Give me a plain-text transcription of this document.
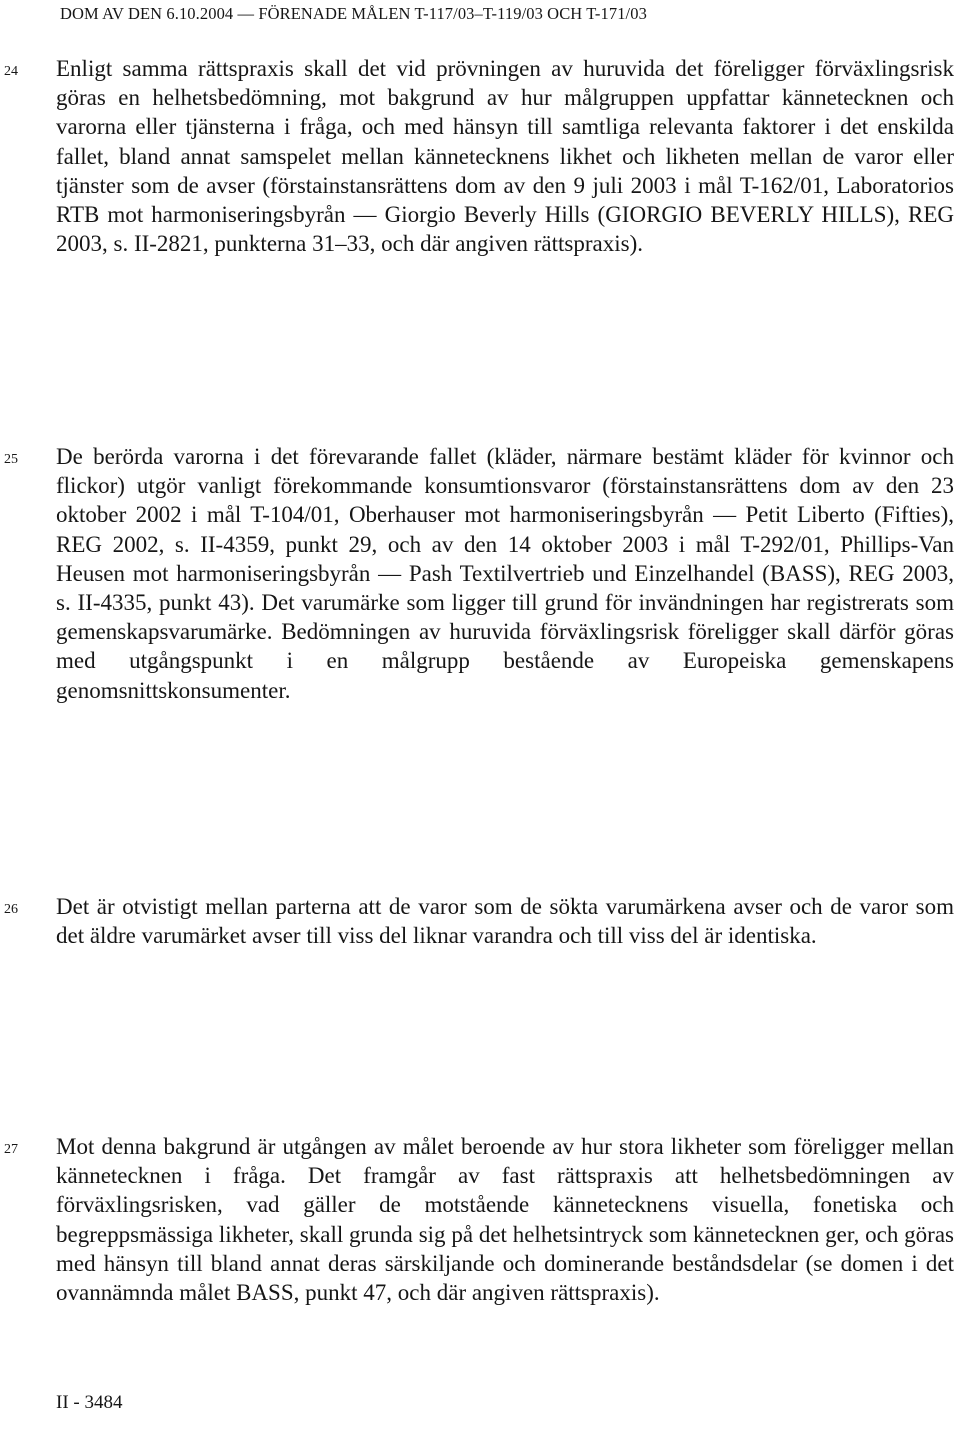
DOM AV DEN 6.10.2004 — FÖRENADE MÅLEN T-117/03–T-119/03 OCH T-171/03
24 Enligt samma rättspraxis skall det vid prövningen av huruvida det föreligger förväxlingsrisk göras en helhetsbedömning, mot bakgrund av hur målgruppen uppfattar kännetecknen och varorna eller tjänsterna i fråga, och med hänsyn till samtliga relevanta faktorer i det enskilda fallet, bland annat samspelet mellan kännetecknens likhet och likheten mellan de varor eller tjänster som de avser (förstainstansrättens dom av den 9 juli 2003 i mål T-162/01, Laboratorios RTB mot harmoniseringsbyrån — Giorgio Beverly Hills (GIORGIO BEVERLY HILLS), REG 2003, s. II-2821, punkterna 31–33, och där angiven rättspraxis).
25 De berörda varorna i det förevarande fallet (kläder, närmare bestämt kläder för kvinnor och flickor) utgör vanligt förekommande konsumtionsvaror (förstainstansrättens dom av den 23 oktober 2002 i mål T-104/01, Oberhauser mot harmoniseringsbyrån — Petit Liberto (Fifties), REG 2002, s. II-4359, punkt 29, och av den 14 oktober 2003 i mål T-292/01, Phillips-Van Heusen mot harmoniseringsbyrån — Pash Textilvertrieb und Einzelhandel (BASS), REG 2003, s. II-4335, punkt 43). Det varumärke som ligger till grund för invändningen har registrerats som gemenskapsvarumärke. Bedömningen av huruvida förväxlingsrisk föreligger skall därför göras med utgångspunkt i en målgrupp bestående av Europeiska gemenskapens genomsnittskonsumenter.
26 Det är otvistigt mellan parterna att de varor som de sökta varumärkena avser och de varor som det äldre varumärket avser till viss del liknar varandra och till viss del är identiska.
27 Mot denna bakgrund är utgången av målet beroende av hur stora likheter som föreligger mellan kännetecknen i fråga. Det framgår av fast rättspraxis att helhetsbedömningen av förväxlingsrisken, vad gäller de motstående kännetecknens visuella, fonetiska och begreppsmässiga likheter, skall grunda sig på det helhetsintryck som kännetecknen ger, och göras med hänsyn till bland annat deras särskiljande och dominerande beståndsdelar (se domen i det ovannämnda målet BASS, punkt 47, och där angiven rättspraxis).
II - 3484
